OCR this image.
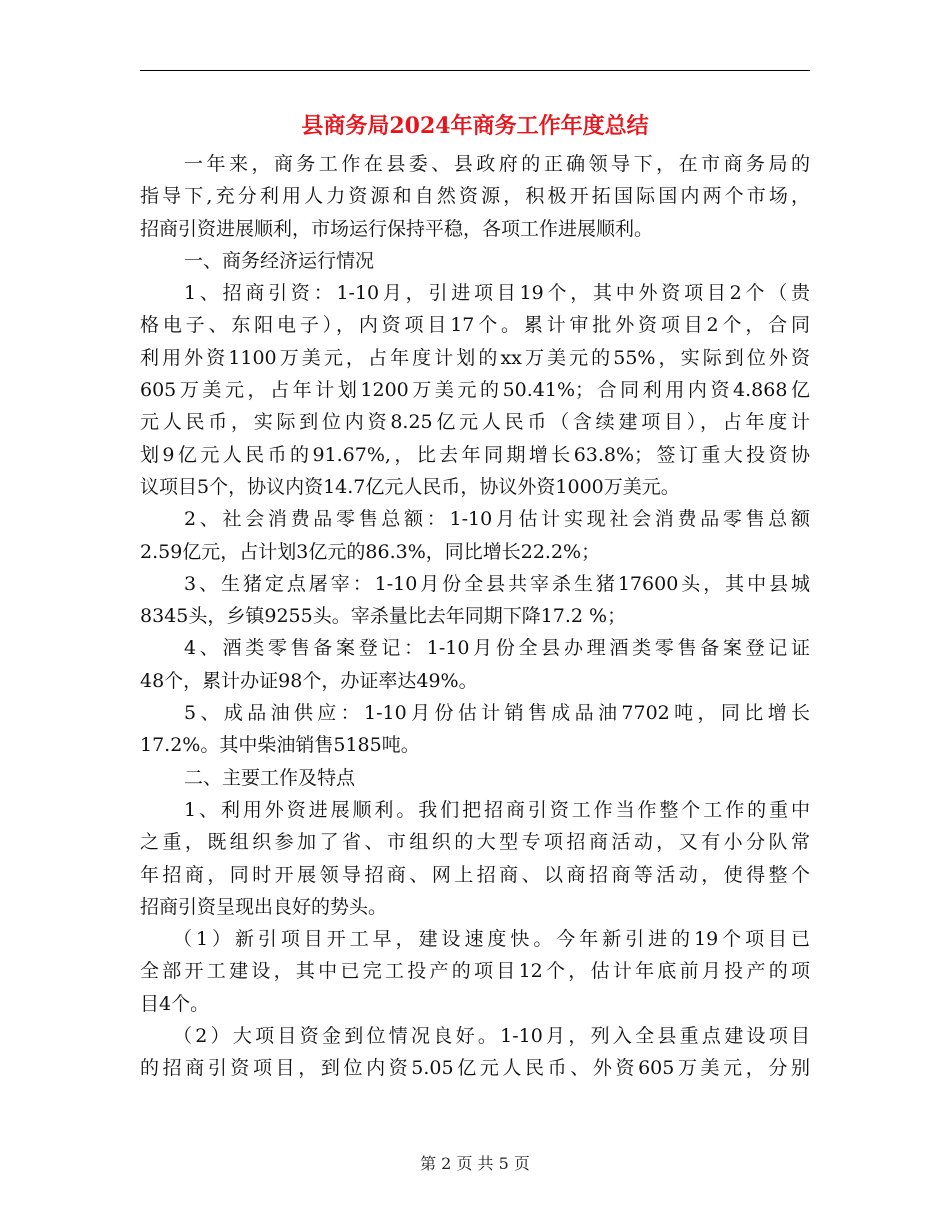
县商务局2024年商务工作年度总结
一年来，商务工作在县委、县政府的正确领导下，在市商务局的
指导下,充分利用人力资源和自然资源，积极开拓国际国内两个市场，
招商引资进展顺利，市场运行保持平稳，各项工作进展顺利。
一、商务经济运行情况
1、招商引资：1-10月，引进项目19个，其中外资项目2个（贵
格电子、东阳电子），内资项目17个。累计审批外资项目2个，合同
利用外资1100万美元，占年度计划的xx万美元的55%，实际到位外资
605万美元，占年计划1200万美元的50.41%；合同利用内资4.868亿
元人民币，实际到位内资8.25亿元人民币（含续建项目），占年度计
划9亿元人民币的91.67%,，比去年同期增长63.8%；签订重大投资协
议项目5个，协议内资14.7亿元人民币，协议外资1000万美元。
2、社会消费品零售总额：1-10月估计实现社会消费品零售总额
2.59亿元，占计划3亿元的86.3%，同比增长22.2%；
3、生猪定点屠宰：1-10月份全县共宰杀生猪17600头，其中县城
8345头，乡镇9255头。宰杀量比去年同期下降17.2 %；
4、酒类零售备案登记：1-10月份全县办理酒类零售备案登记证
48个，累计办证98个，办证率达49%。
5、成品油供应：1-10月份估计销售成品油7702吨，同比增长
17.2%。其中柴油销售5185吨。
二、主要工作及特点
1、利用外资进展顺利。我们把招商引资工作当作整个工作的重中
之重，既组织参加了省、市组织的大型专项招商活动，又有小分队常
年招商，同时开展领导招商、网上招商、以商招商等活动，使得整个
招商引资呈现出良好的势头。
（1）新引项目开工早，建设速度快。今年新引进的19个项目已
全部开工建设，其中已完工投产的项目12个，估计年底前月投产的项
目4个。
（2）大项目资金到位情况良好。1-10月，列入全县重点建设项目
的招商引资项目，到位内资5.05亿元人民币、外资605万美元，分别
第 2 页 共 5 页
